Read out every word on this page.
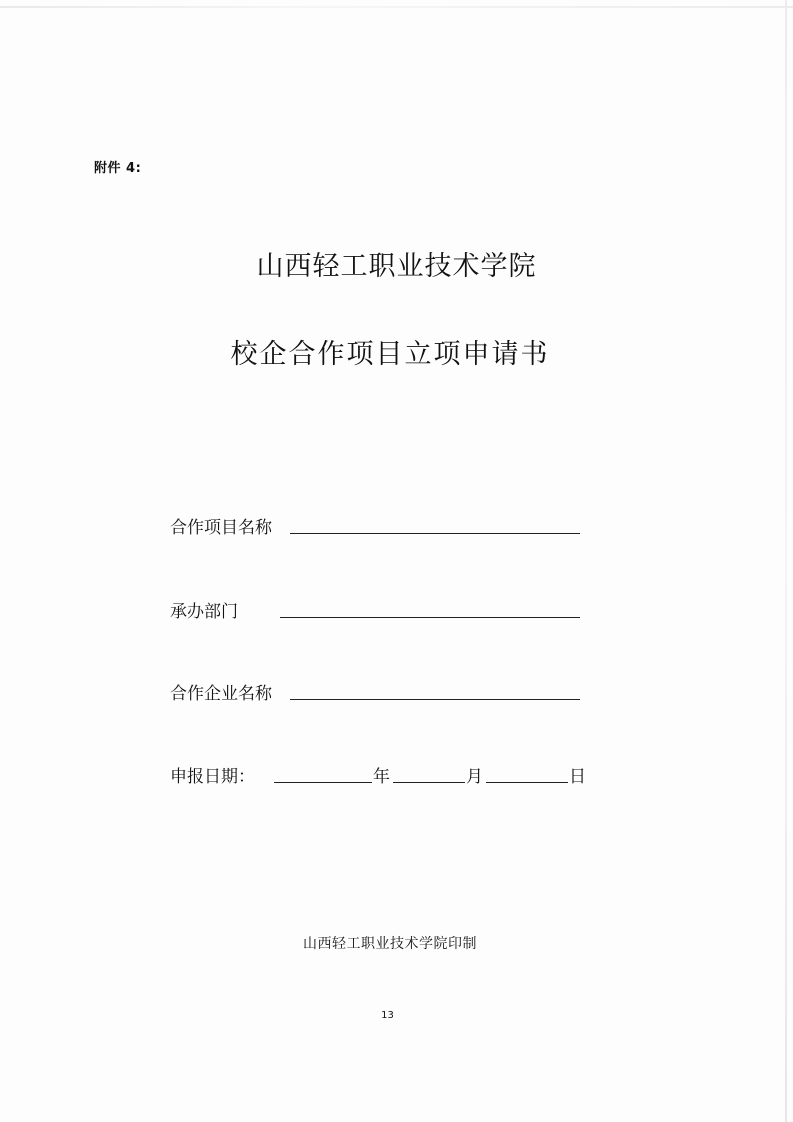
附件 4:
山西轻工职业技术学院
校企合作项目立项申请书
合作项目名称
承办部门
合作企业名称
申报日期：	年	月	日
山西轻工职业技术学院印制
13
